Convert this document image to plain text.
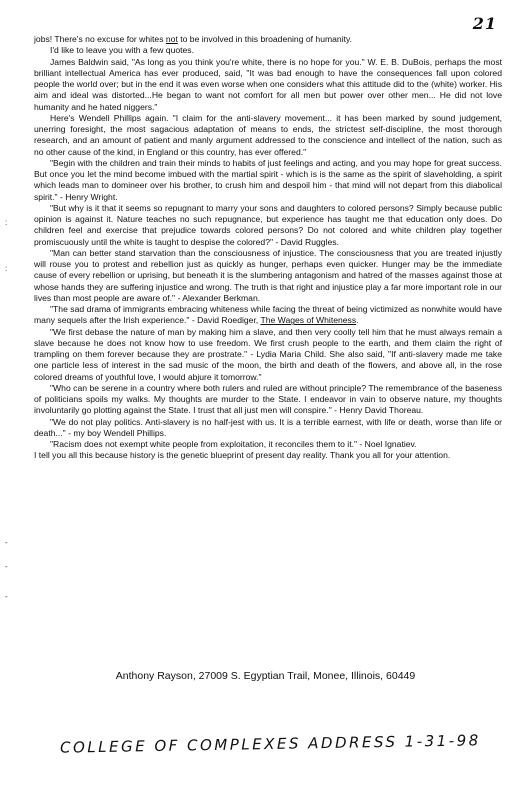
21

jobs! There's no excuse for whites not to be involved in this broadening of humanity.

I'd like to leave you with a few quotes.

James Baldwin said, "As long as you think you're white, there is no hope for you." W. E. B. DuBois, perhaps the most brilliant intellectual America has ever produced, said, "It was bad enough to have the consequences fall upon colored people the world over; but in the end it was even worse when one considers what this attitude did to the (white) worker. His aim and ideal was distorted...He began to want not comfort for all men but power over other men... He did not love humanity and he hated niggers."

Here's Wendell Phillips again. "I claim for the anti-slavery movement... it has been marked by sound judgement, unerring foresight, the most sagacious adaptation of means to ends, the strictest self-discipline, the most thorough research, and an amount of patient and manly argument addressed to the conscience and intellect of the nation, such as no other cause of the kind, in England or this country, has ever offered."

"Begin with the children and train their minds to habits of just feelings and acting, and you may hope for great success. But once you let the mind become imbued with the martial spirit - which is is the same as the spirit of slaveholding, a spirit which leads man to domineer over his brother, to crush him and despoil him - that mind will not depart from this diabolical spirit." - Henry Wright.

"But why is it that it seems so repugnant to marry your sons and daughters to colored persons? Simply because public opinion is against it. Nature teaches no such repugnance, but experience has taught me that education only does. Do children feel and exercise that prejudice towards colored persons? Do not colored and white children play together promiscuously until the white is taught to despise the colored?" - David Ruggles.

"Man can better stand starvation than the consciousness of injustice. The consciousness that you are treated injustly will rouse you to protest and rebellion just as quickly as hunger, perhaps even quicker. Hunger may be the immediate cause of every rebellion or uprising, but beneath it is the slumbering antagonism and hatred of the masses against those at whose hands they are suffering injustice and wrong. The truth is that right and injustice play a far more important role in our lives than most people are aware of." - Alexander Berkman.

"The sad drama of immigrants embracing whiteness while facing the threat of being victimized as nonwhite would have many sequels after the Irish experience." - David Roediger, The Wages of Whiteness.

"We first debase the nature of man by making him a slave, and then very coolly tell him that he must always remain a slave because he does not know how to use freedom. We first crush people to the earth, and them claim the right of trampling on them forever because they are prostrate." - Lydia Maria Child. She also said, "If anti-slavery made me take one particle less of interest in the sad music of the moon, the birth and death of the flowers, and above all, in the rose colored dreams of youthful love, I would abjure it tomorrow."

"Who can be serene in a country where both rulers and ruled are without principle? The remembrance of the baseness of politicians spoils my walks. My thoughts are murder to the State. I endeavor in vain to observe nature, my thoughts involuntarily go plotting against the State. I trust that all just men will conspire." - Henry David Thoreau.

"We do not play politics. Anti-slavery is no half-jest with us. It is a terrible earnest, with life or death, worse than life or death..." - my boy Wendell Phillips.

"Racism does not exempt white people from exploitation, it reconciles them to it." - Noel Ignatiev.

I tell you all this because history is the genetic blueprint of present day reality. Thank you all for your attention.

:
:
-
-
-
Anthony Rayson, 27009 S. Egyptian Trail, Monee, Illinois, 60449
COLLEGE OF COMPLEXES ADDRESS 1-31-98
